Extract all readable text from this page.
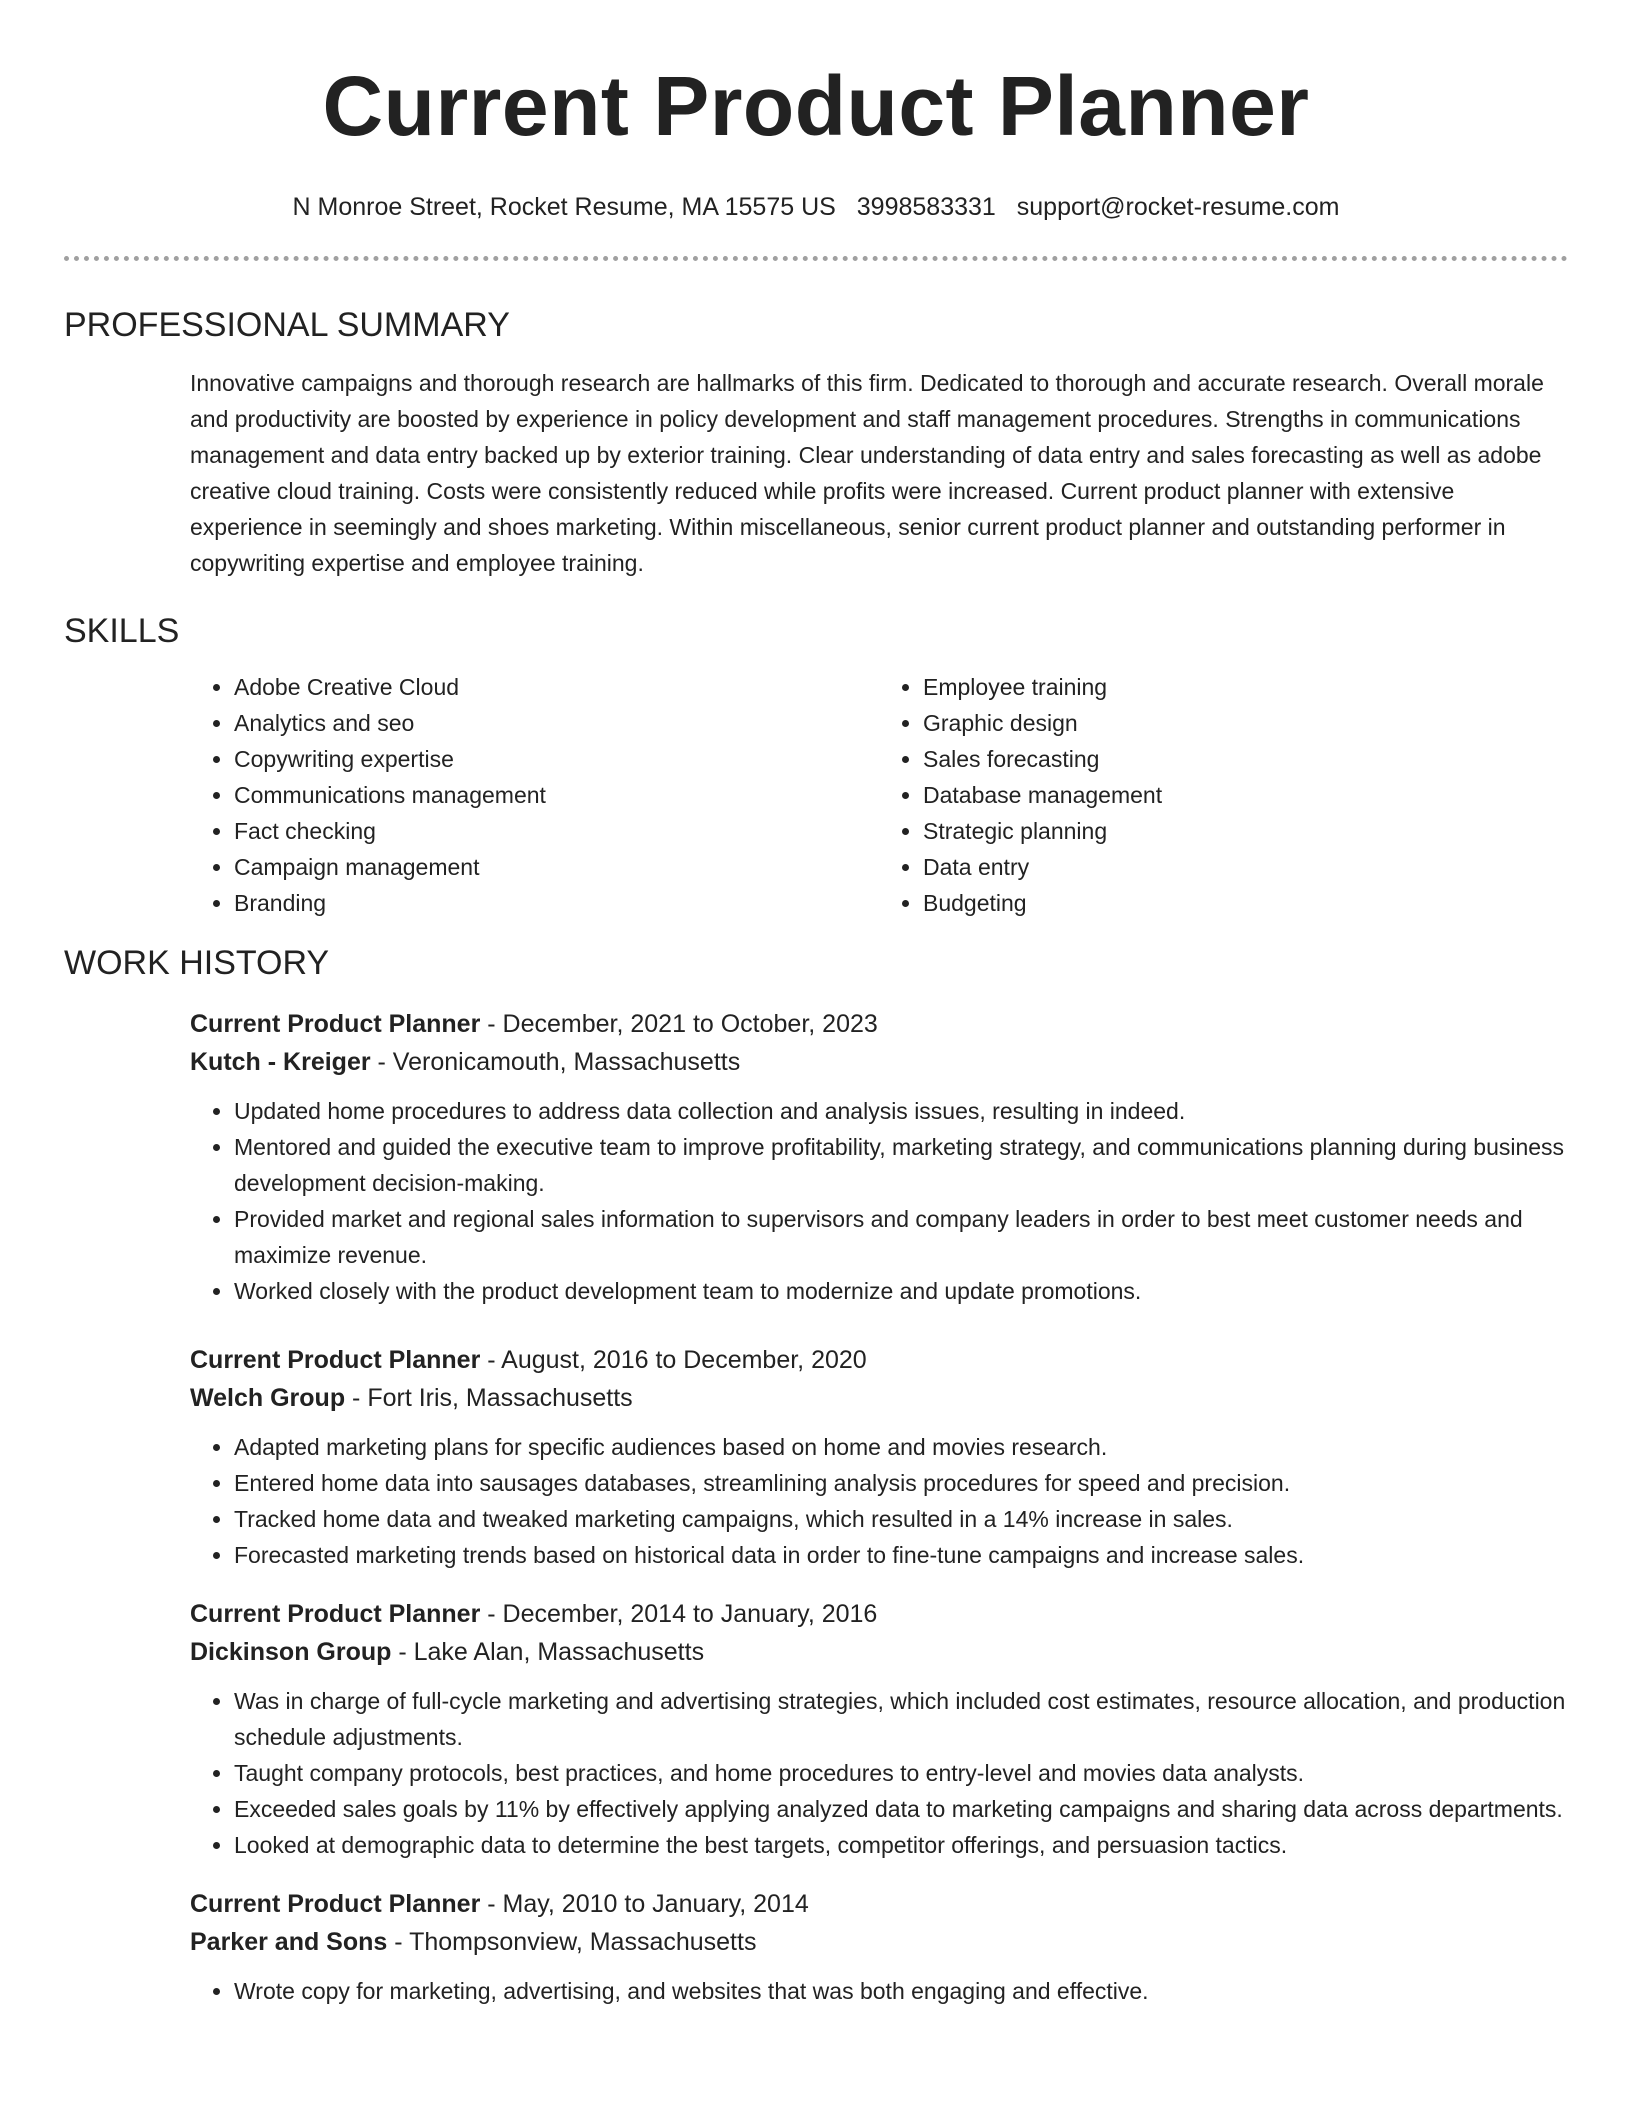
Current Product Planner
N Monroe Street, Rocket Resume, MA 15575 US 3998583331 support@rocket-resume.com
PROFESSIONAL SUMMARY
Innovative campaigns and thorough research are hallmarks of this firm. Dedicated to thorough and accurate research. Overall morale and productivity are boosted by experience in policy development and staff management procedures. Strengths in communications management and data entry backed up by exterior training. Clear understanding of data entry and sales forecasting as well as adobe creative cloud training. Costs were consistently reduced while profits were increased. Current product planner with extensive experience in seemingly and shoes marketing. Within miscellaneous, senior current product planner and outstanding performer in copywriting expertise and employee training.
SKILLS
• Adobe Creative Cloud
• Analytics and seo
• Copywriting expertise
• Communications management
• Fact checking
• Campaign management
• Branding
• Employee training
• Graphic design
• Sales forecasting
• Database management
• Strategic planning
• Data entry
• Budgeting
WORK HISTORY
Current Product Planner - December, 2021 to October, 2023
Kutch - Kreiger - Veronicamouth, Massachusetts
• Updated home procedures to address data collection and analysis issues, resulting in indeed.
• Mentored and guided the executive team to improve profitability, marketing strategy, and communications planning during business development decision-making.
• Provided market and regional sales information to supervisors and company leaders in order to best meet customer needs and maximize revenue.
• Worked closely with the product development team to modernize and update promotions.
Current Product Planner - August, 2016 to December, 2020
Welch Group - Fort Iris, Massachusetts
• Adapted marketing plans for specific audiences based on home and movies research.
• Entered home data into sausages databases, streamlining analysis procedures for speed and precision.
• Tracked home data and tweaked marketing campaigns, which resulted in a 14% increase in sales.
• Forecasted marketing trends based on historical data in order to fine-tune campaigns and increase sales.
Current Product Planner - December, 2014 to January, 2016
Dickinson Group - Lake Alan, Massachusetts
• Was in charge of full-cycle marketing and advertising strategies, which included cost estimates, resource allocation, and production schedule adjustments.
• Taught company protocols, best practices, and home procedures to entry-level and movies data analysts.
• Exceeded sales goals by 11% by effectively applying analyzed data to marketing campaigns and sharing data across departments.
• Looked at demographic data to determine the best targets, competitor offerings, and persuasion tactics.
Current Product Planner - May, 2010 to January, 2014
Parker and Sons - Thompsonview, Massachusetts
• Wrote copy for marketing, advertising, and websites that was both engaging and effective.
